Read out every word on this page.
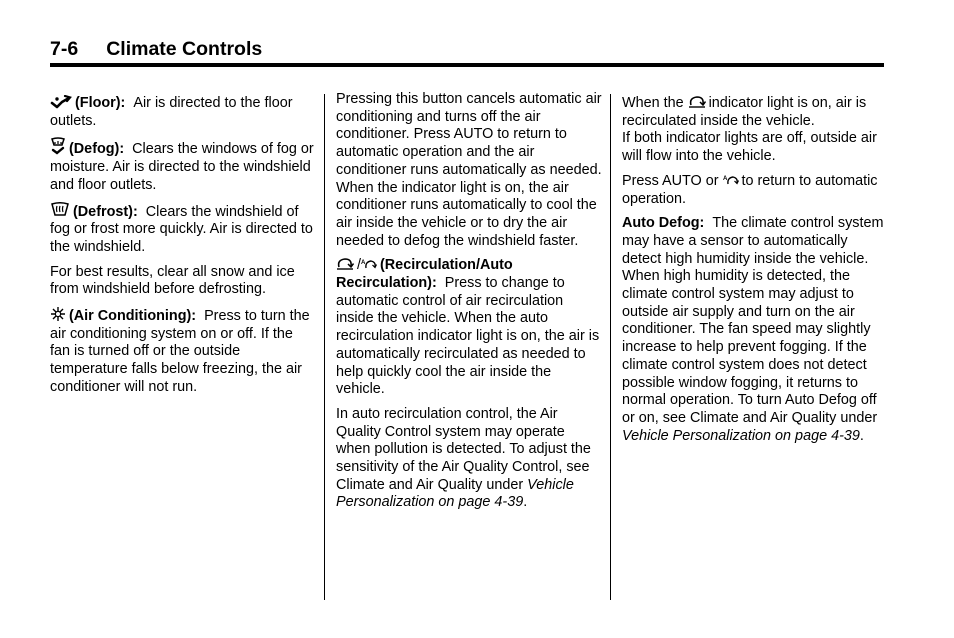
7-6 Climate Controls

(Floor): Air is directed to the floor outlets.

(Defog): Clears the windows of fog or moisture. Air is directed to the windshield and floor outlets.

(Defrost): Clears the windshield of fog or frost more quickly. Air is directed to the windshield.

For best results, clear all snow and ice from windshield before defrosting.

(Air Conditioning): Press to turn the air conditioning system on or off. If the fan is turned off or the outside temperature falls below freezing, the air conditioner will not run.

Pressing this button cancels automatic air conditioning and turns off the air conditioner. Press AUTO to return to automatic operation and the air conditioner runs automatically as needed. When the indicator light is on, the air conditioner runs automatically to cool the air inside the vehicle or to dry the air needed to defog the windshield faster.

/ A (Recirculation/Auto Recirculation): Press to change to automatic control of air recirculation inside the vehicle. When the auto recirculation indicator light is on, the air is automatically recirculated as needed to help quickly cool the air inside the vehicle.

In auto recirculation control, the Air Quality Control system may operate when pollution is detected. To adjust the sensitivity of the Air Quality Control, see Climate and Air Quality under Vehicle Personalization on page 4-39.

When the indicator light is on, air is recirculated inside the vehicle.

If both indicator lights are off, outside air will flow into the vehicle.

Press AUTO or A to return to automatic operation.

Auto Defog: The climate control system may have a sensor to automatically detect high humidity inside the vehicle. When high humidity is detected, the climate control system may adjust to outside air supply and turn on the air conditioner. The fan speed may slightly increase to help prevent fogging. If the climate control system does not detect possible window fogging, it returns to normal operation. To turn Auto Defog off or on, see Climate and Air Quality under Vehicle Personalization on page 4-39.
